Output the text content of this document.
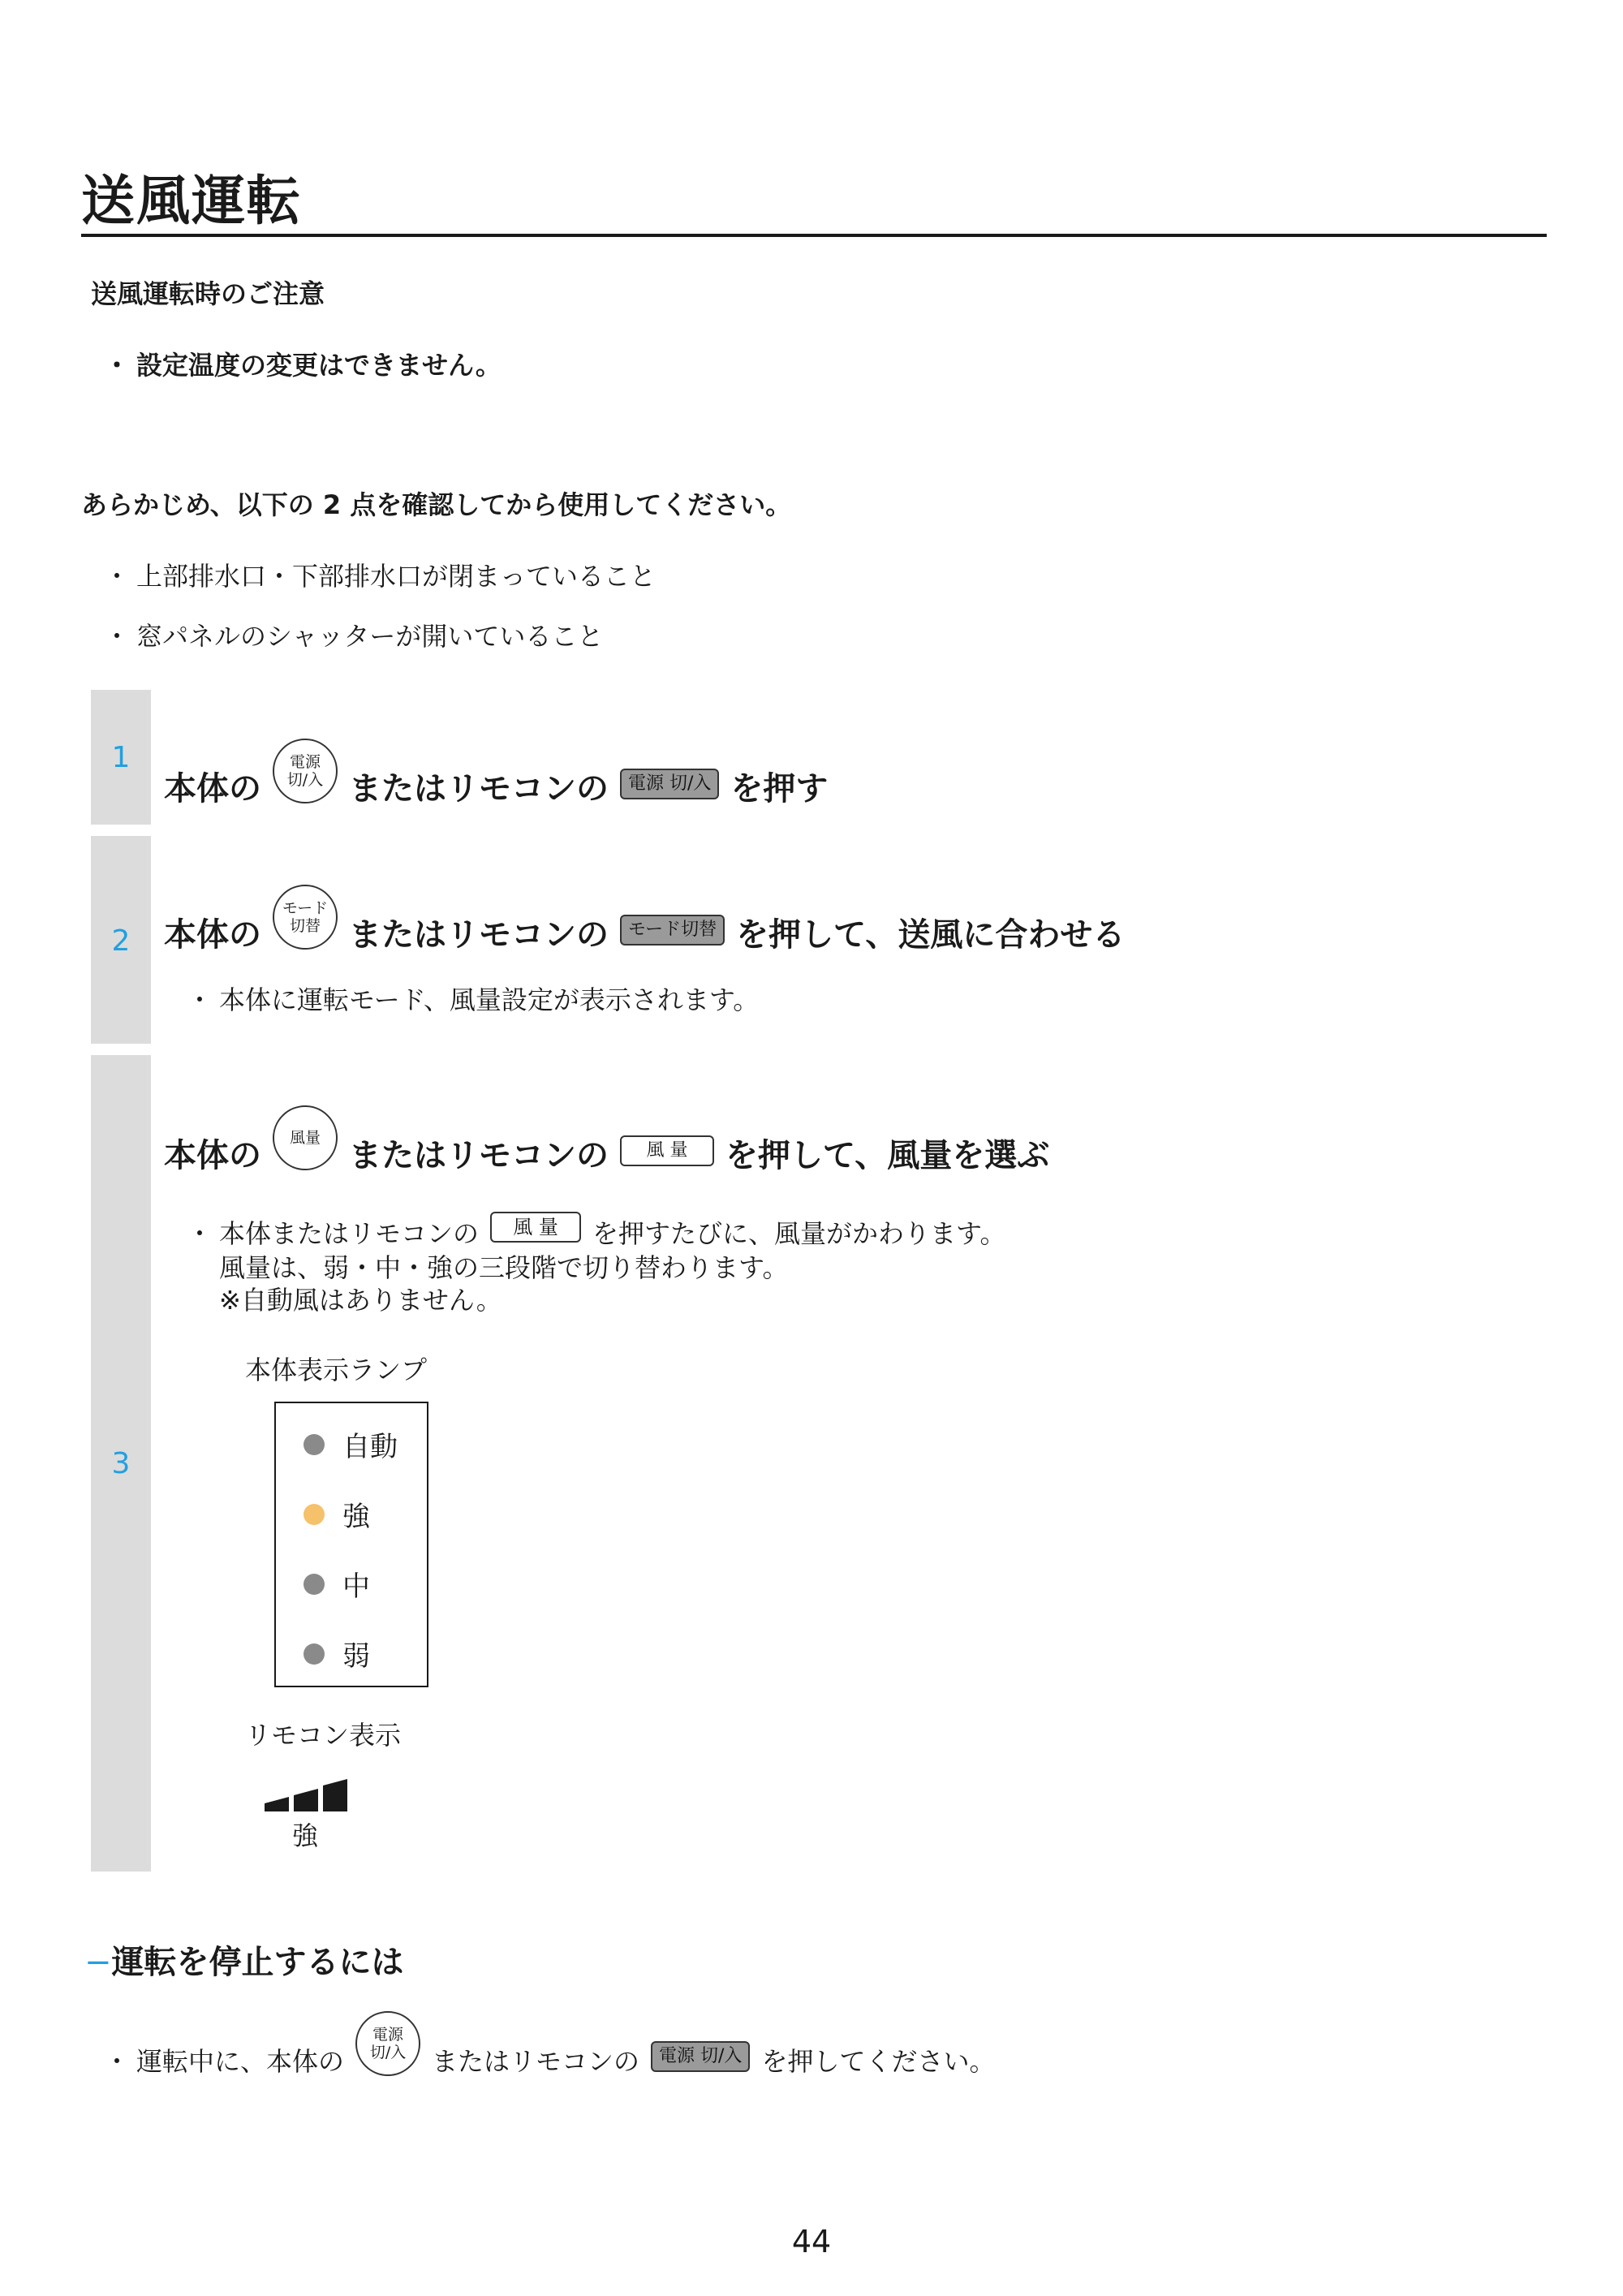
送風運転
送風運転時のご注意
・ 設定温度の変更はできません。
あらかじめ、以下の 2 点を確認してから使用してください。
・ 上部排水口・下部排水口が閉まっていること
・ 窓パネルのシャッターが開いていること
1
2
3
本体の
電源
切/入 またはリモコンの	電源 切/入 を押す
本体の
モード
切替 またはリモコンの	モード切替 を押して、送風に合わせる
・ 本体に運転モード、風量設定が表示されます。
本体の 風量 またはリモコンの	風 量	を押して、風量を選ぶ
・ 本体またはリモコンの	風 量	を押すたびに、風量がかわります。
風量は、弱・中・強の三段階で切り替わります。
※自動風はありません。
本体表示ランプ
自動
強
中
弱
リモコン表示
強
−運転を停止するには
・ 運転中に、本体の
電源
切/入 またはリモコンの	電源 切/入 を押してください。
44
